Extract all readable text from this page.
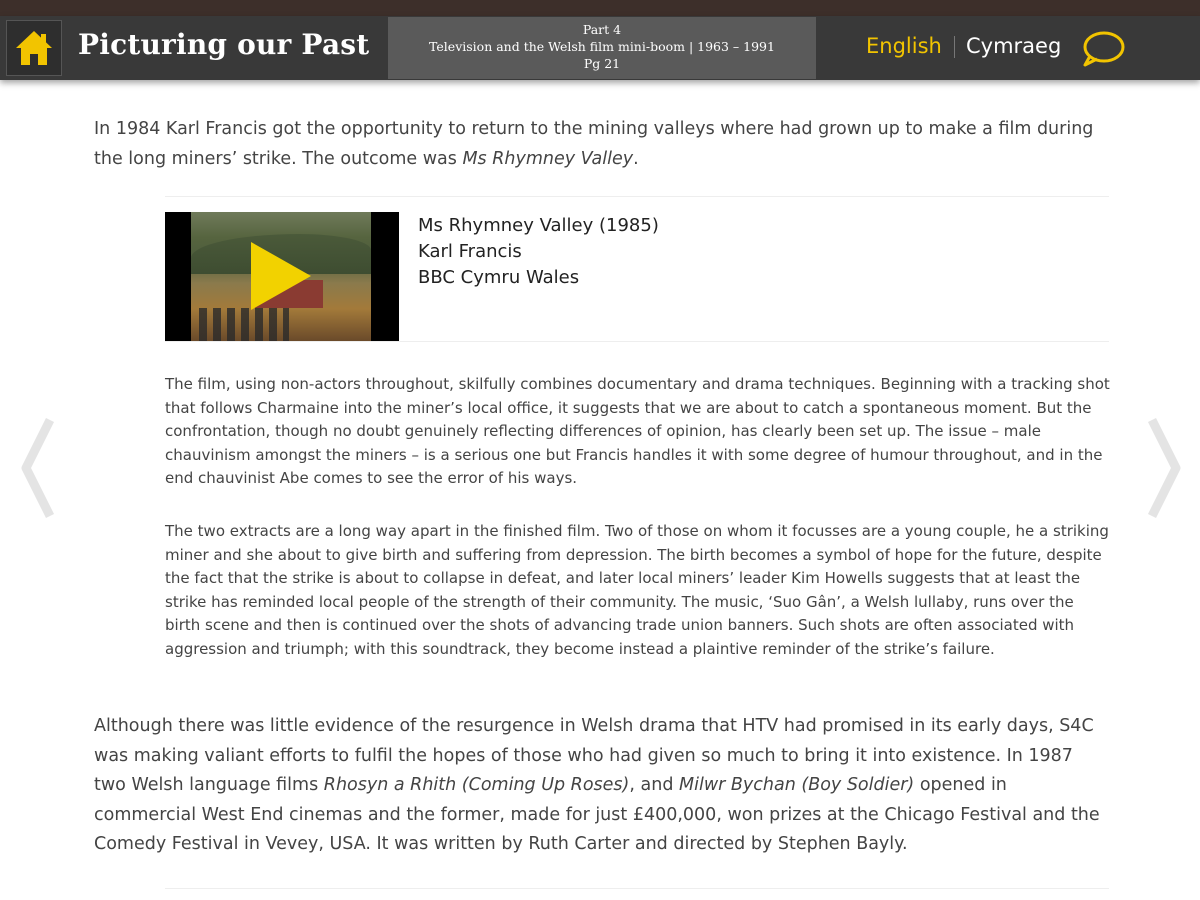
Picturing our Past	Part 4
Television and the Welsh film mini-boom | 1963 – 1991
Pg 21
English Cymraeg

In 1984 Karl Francis got the opportunity to return to the mining valleys where had grown up to make a film during the long miners’ strike. The outcome was Ms Rhymney Valley.

Ms Rhymney Valley (1985)
Karl Francis
BBC Cymru Wales

The film, using non-actors throughout, skilfully combines documentary and drama techniques. Beginning with a tracking shot that follows Charmaine into the miner’s local office, it suggests that we are about to catch a spontaneous moment. But the confrontation, though no doubt genuinely reflecting differences of opinion, has clearly been set up. The issue – male chauvinism amongst the miners – is a serious one but Francis handles it with some degree of humour throughout, and in the end chauvinist Abe comes to see the error of his ways.

The two extracts are a long way apart in the finished film. Two of those on whom it focusses are a young couple, he a striking miner and she about to give birth and suffering from depression. The birth becomes a symbol of hope for the future, despite the fact that the strike is about to collapse in defeat, and later local miners’ leader Kim Howells suggests that at least the strike has reminded local people of the strength of their community. The music, ‘Suo Gân’, a Welsh lullaby, runs over the birth scene and then is continued over the shots of advancing trade union banners. Such shots are often associated with aggression and triumph; with this soundtrack, they become instead a plaintive reminder of the strike’s failure.

Although there was little evidence of the resurgence in Welsh drama that HTV had promised in its early days, S4C was making valiant efforts to fulfil the hopes of those who had given so much to bring it into existence. In 1987 two Welsh language films Rhosyn a Rhith (Coming Up Roses), and Milwr Bychan (Boy Soldier) opened in commercial West End cinemas and the former, made for just £400,000, won prizes at the Chicago Festival and the Comedy Festival in Vevey, USA. It was written by Ruth Carter and directed by Stephen Bayly.
